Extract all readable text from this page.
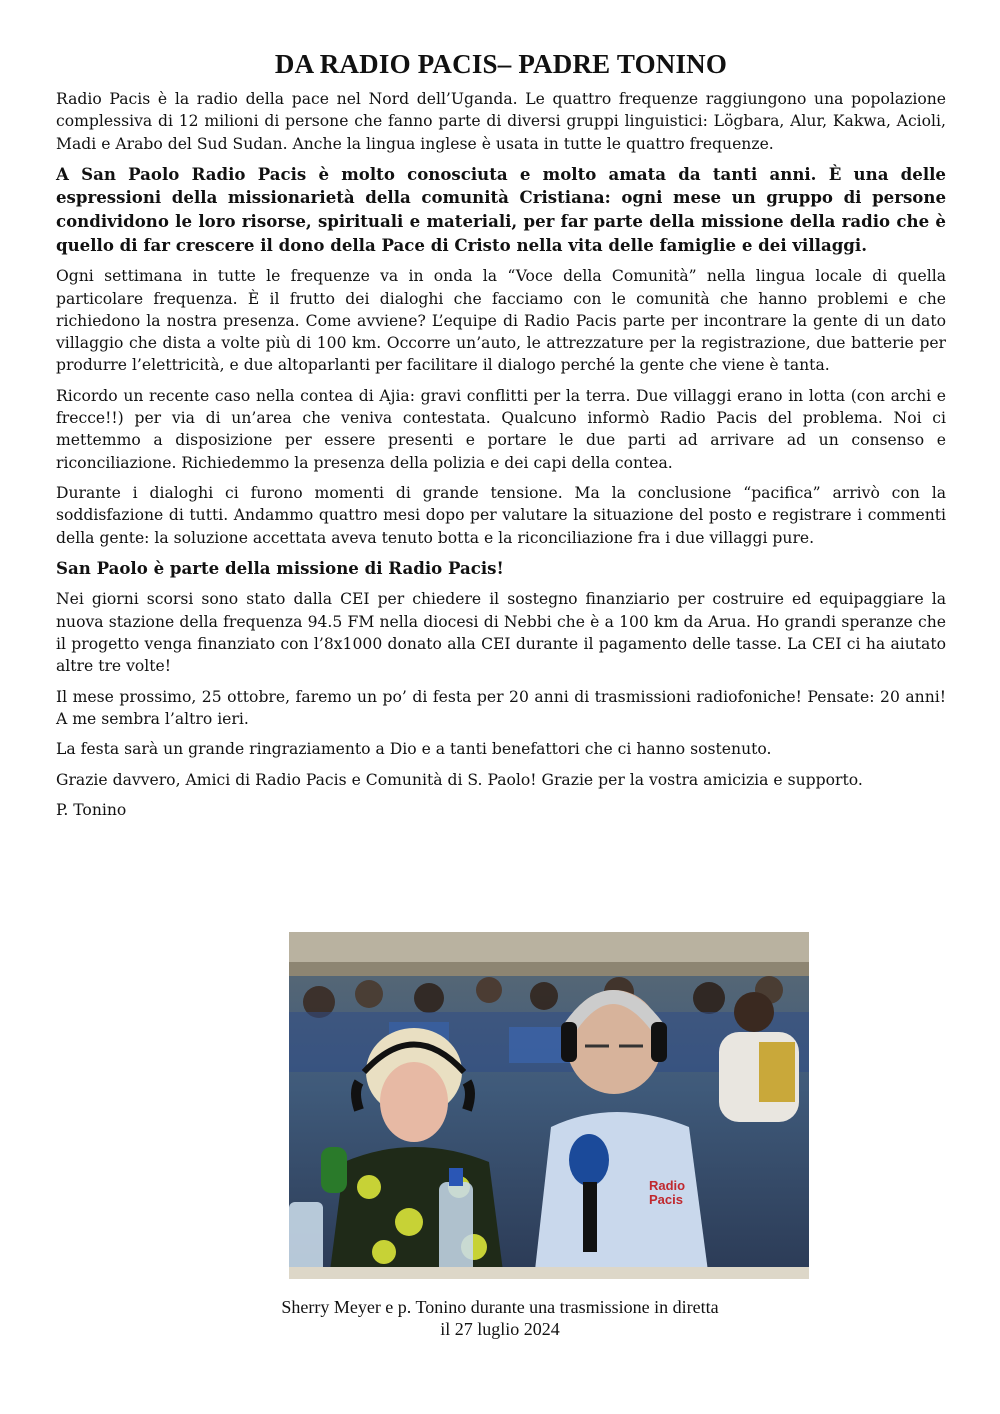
DA RADIO PACIS– PADRE TONINO

Radio Pacis è la radio della pace nel Nord dell’Uganda. Le quattro frequenze raggiungono una popolazione complessiva di 12 milioni di persone che fanno parte di diversi gruppi linguistici: Lögbara, Alur, Kakwa, Acioli, Madi e Arabo del Sud Sudan. Anche la lingua inglese è usata in tutte le quattro frequenze.

A San Paolo Radio Pacis è molto conosciuta e molto amata da tanti anni. È una delle espressioni della missionarietà della comunità Cristiana: ogni mese un gruppo di persone condividono le loro risorse, spirituali e materiali, per far parte della missione della radio che è quello di far crescere il dono della Pace di Cristo nella vita delle famiglie e dei villaggi.

Ogni settimana in tutte le frequenze va in onda la “Voce della Comunità” nella lingua locale di quella particolare frequenza. È il frutto dei dialoghi che facciamo con le comunità che hanno problemi e che richiedono la nostra presenza. Come avviene? L’equipe di Radio Pacis parte per incontrare la gente di un dato villaggio che dista a volte più di 100 km. Occorre un’auto, le attrezzature per la registrazione, due batterie per produrre l’elettricità, e due altoparlanti per facilitare il dialogo perché la gente che viene è tanta.

Ricordo un recente caso nella contea di Ajia: gravi conflitti per la terra. Due villaggi erano in lotta (con archi e frecce!!) per via di un’area che veniva contestata. Qualcuno informò Radio Pacis del problema. Noi ci mettemmo a disposizione per essere presenti e portare le due parti ad arrivare ad un consenso e riconciliazione. Richiedemmo la presenza della polizia e dei capi della contea.

Durante i dialoghi ci furono momenti di grande tensione. Ma la conclusione “pacifica” arrivò con la soddisfazione di tutti. Andammo quattro mesi dopo per valutare la situazione del posto e registrare i commenti della gente: la soluzione accettata aveva tenuto botta e la riconciliazione fra i due villaggi pure.

San Paolo è parte della missione di Radio Pacis!

Nei giorni scorsi sono stato dalla CEI per chiedere il sostegno finanziario per costruire ed equipaggiare la nuova stazione della frequenza 94.5 FM nella diocesi di Nebbi che è a 100 km da Arua. Ho grandi speranze che il progetto venga finanziato con l’8x1000 donato alla CEI durante il pagamento delle tasse. La CEI ci ha aiutato altre tre volte!

Il mese prossimo, 25 ottobre, faremo un po’ di festa per 20 anni di trasmissioni radiofoniche! Pensate: 20 anni! A me sembra l’altro ieri.

La festa sarà un grande ringraziamento a Dio e a tanti benefattori che ci hanno sostenuto.

Grazie davvero, Amici di Radio Pacis e Comunità di S. Paolo! Grazie per la vostra amicizia e supporto.

P. Tonino

Radio
Pacis
Sherry Meyer e p. Tonino durante una trasmissione in diretta
il 27 luglio 2024
